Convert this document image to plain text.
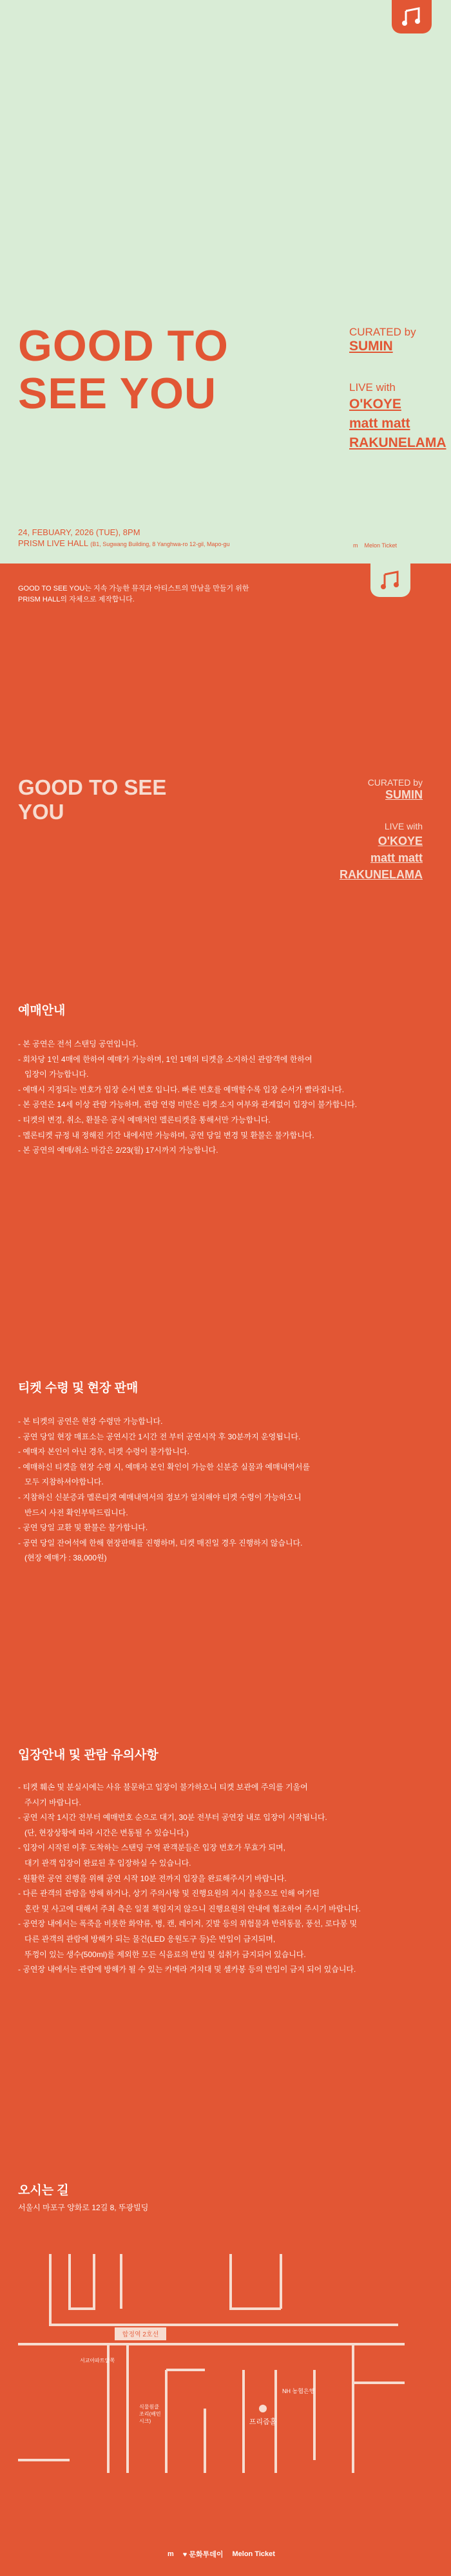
GOOD TO SEE YOU
CURATED by
SUMIN
LIVE with
O'KOYE
matt matt
RAKUNELAMA
24, FEBUARY, 2026 (TUE), 8PM
PRISM LIVE HALL (B1, Sugwang Building, 8 Yanghwa-ro 12-gil, Mapo-gu	m Melon Ticket
GOOD TO SEE YOU는 지속 가능한 뮤직과 아티스트의 만남을 만들기 위한
PRISM HALL의 자체으로 제작합니다.
GOOD TO SEE YOU
CURATED by
SUMIN
LIVE with
O'KOYE
matt matt
RAKUNELAMA
예매안내
- 본 공연은 전석 스탠딩 공연입니다.
- 회차당 1인 4매에 한하여 예매가 가능하며, 1인 1매의 티켓을 소지하신 관람객에 한하여
입장이 가능합니다.
- 예매시 지정되는 번호가 입장 순서 번호 입니다. 빠른 번호를 예매할수록 입장 순서가 빨라집니다.
- 본 공연은 14세 이상 관람 가능하며, 관람 연령 미만은 티켓 소지 여부와 관계없이 입장이 불가합니다.
- 티켓의 변경, 취소, 환불은 공식 예매처인 멜론티켓을 통해서만 가능합니다.
- 멜론티켓 규정 내 정해진 기간 내에서만 가능하며, 공연 당일 변경 및 환불은 불가합니다.
- 본 공연의 예매/취소 마감은 2/23(월) 17시까지 가능합니다.
티켓 수령 및 현장 판매
- 본 티켓의 공연은 현장 수령만 가능합니다.
- 공연 당일 현장 매표소는 공연시간 1시간 전 부터 공연시작 후 30분까지 운영됩니다.
- 예매자 본인이 아닌 경우, 티켓 수령이 불가합니다.
- 예매하신 티켓을 현장 수령 시, 예매자 본인 확인이 가능한 신분증 실물과 예매내역서를
모두 지참하셔야합니다.
- 지참하신 신분증과 멜론티켓 예매내역서의 정보가 일치해야 티켓 수령이 가능하오니
반드시 사전 확인부탁드립니다.
- 공연 당일 교환 및 환불은 불가합니다.
- 공연 당일 잔여석에 한해 현장판매를 진행하며, 티켓 매진일 경우 진행하지 않습니다.
(현장 예매가 : 38,000원)
입장안내 및 관람 유의사항
- 티켓 훼손 및 분실시에는 사유 불문하고 입장이 불가하오니 티켓 보관에 주의를 기울여
주시기 바랍니다.
- 공연 시작 1시간 전부터 예매번호 순으로 대기, 30분 전부터 공연장 내로 입장이 시작됩니다.
(단, 현장상황에 따라 시간은 변동될 수 있습니다.)
- 입장이 시작된 이후 도착하는 스탠딩 구역 관객분들은 입장 번호가 무효가 되며,
대기 관객 입장이 완료된 후 입장하실 수 있습니다.
- 원활한 공연 진행을 위해 공연 시작 10분 전까지 입장을 완료해주시기 바랍니다.
- 다른 관객의 관람을 방해 하거나, 상기 주의사항 및 진행요원의 지시 불응으로 인해 여기된
혼란 및 사고에 대해서 주최 측은 일절 책임지지 않으니 진행요원의 안내에 협조하여 주시기 바랍니다.
- 공연장 내에서는 폭죽을 비롯한 화약류, 병, 캔, 레이저, 깃발 등의 위험물과 반려동물, 풍선, 로다봉 및
다른 관객의 관람에 방해가 되는 물건(LED 응원도구 등)은 반입이 금지되며,
뚜껑이 있는 생수(500ml)를 제외한 모든 식음료의 반입 및 섭취가 금지되어 있습니다.
- 공연장 내에서는 관람에 방해가 될 수 있는 카메라 거치대 및 셀카봉 등의 반입이 금지 되어 있습니다.
오시는 길
서울시 마포구 양화로 12길 8, 뚜광빌딩
합정역 2호선
서교아파트앞쪽
NH 농협은행
프리즘홀
식물원클 조리(배민 시크)
m ♥ 문화투데이 Melon Ticket
